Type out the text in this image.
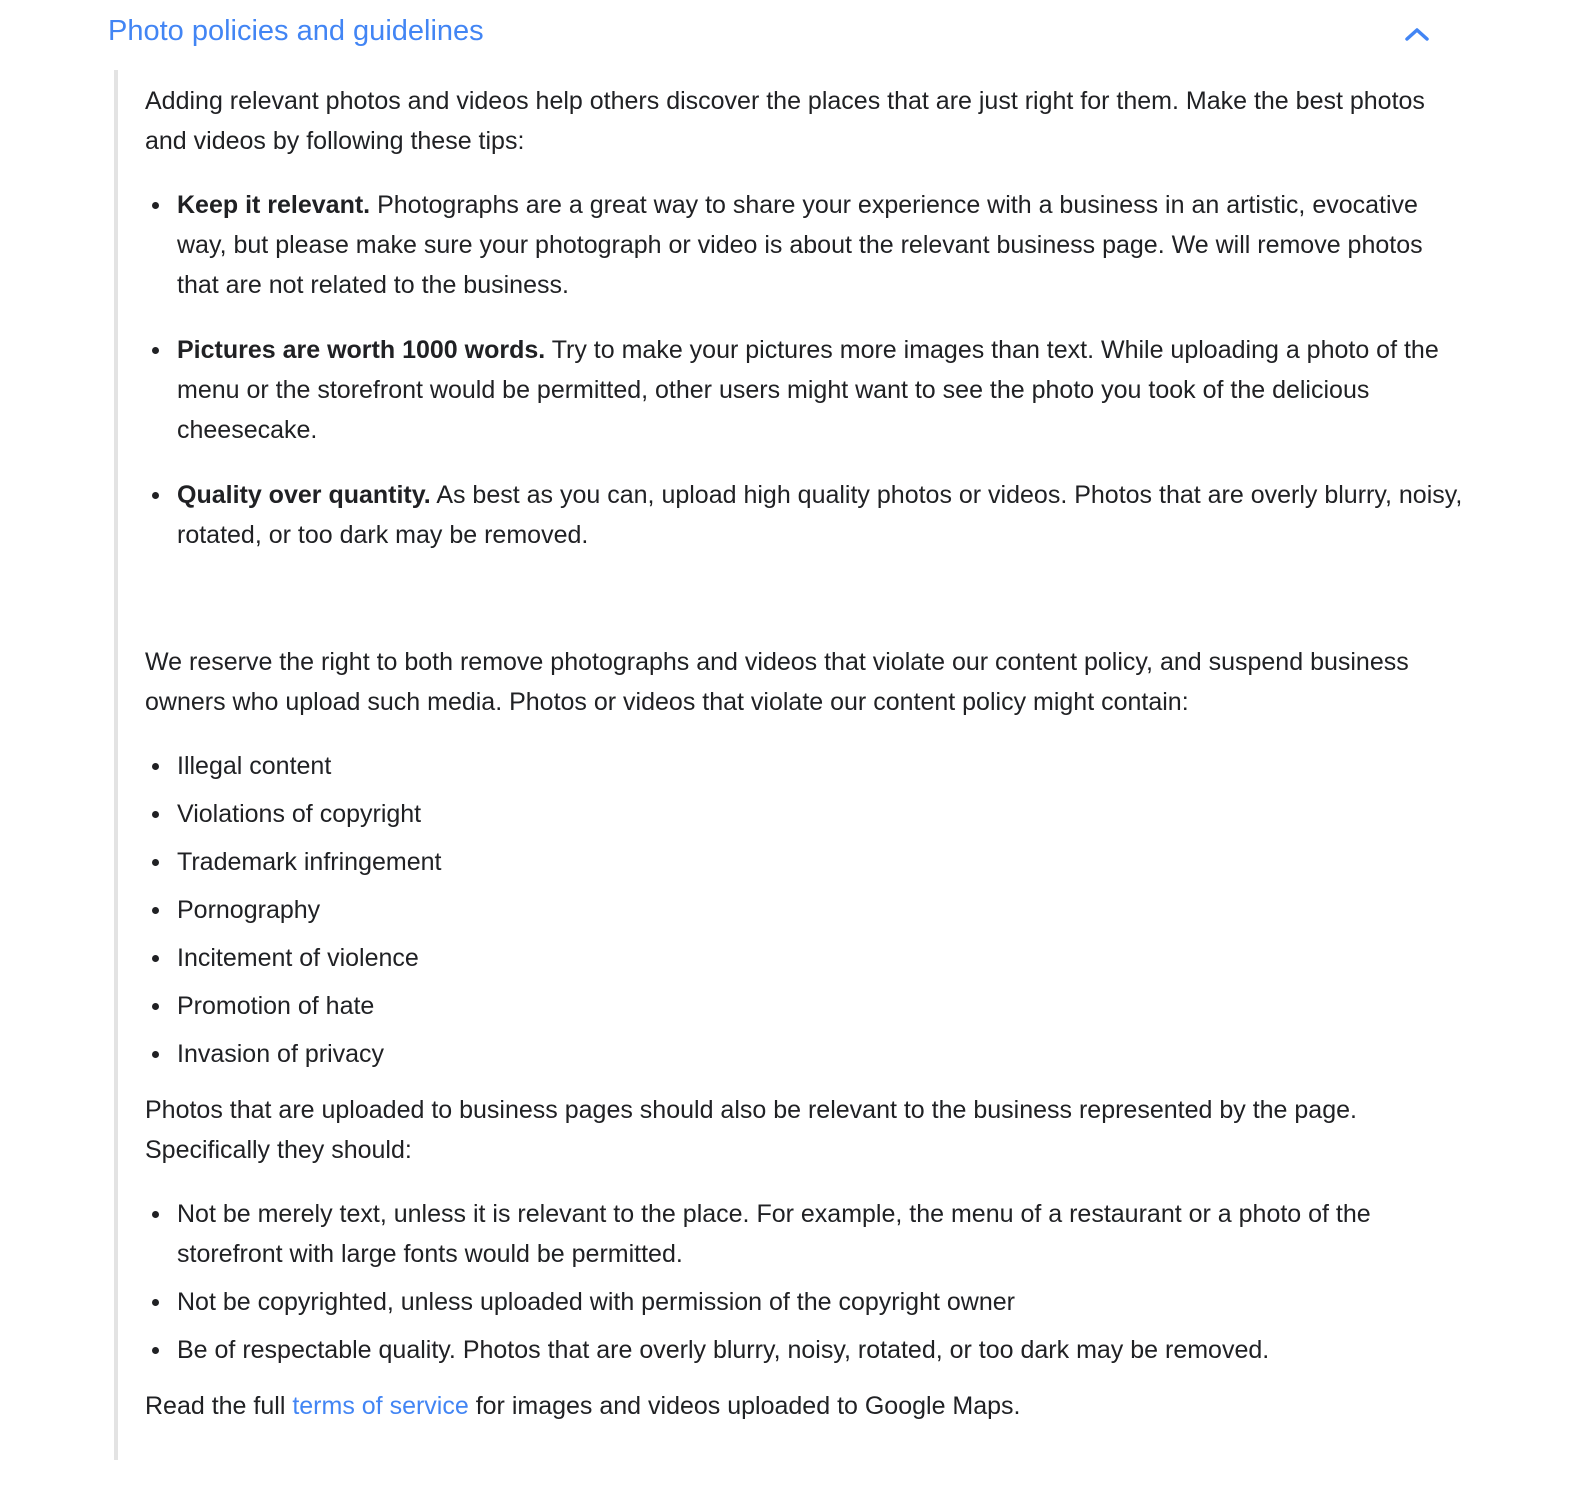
Photo policies and guidelines

Adding relevant photos and videos help others discover the places that are just right for them. Make the best photos and videos by following these tips:

Keep it relevant. Photographs are a great way to share your experience with a business in an artistic, evocative way, but please make sure your photograph or video is about the relevant business page. We will remove photos that are not related to the business.
Pictures are worth 1000 words. Try to make your pictures more images than text. While uploading a photo of the menu or the storefront would be permitted, other users might want to see the photo you took of the delicious cheesecake.
Quality over quantity. As best as you can, upload high quality photos or videos. Photos that are overly blurry, noisy, rotated, or too dark may be removed.

We reserve the right to both remove photographs and videos that violate our content policy, and suspend business owners who upload such media. Photos or videos that violate our content policy might contain:

Illegal content
Violations of copyright
Trademark infringement
Pornography
Incitement of violence
Promotion of hate
Invasion of privacy

Photos that are uploaded to business pages should also be relevant to the business represented by the page. Specifically they should:

Not be merely text, unless it is relevant to the place. For example, the menu of a restaurant or a photo of the storefront with large fonts would be permitted.
Not be copyrighted, unless uploaded with permission of the copyright owner
Be of respectable quality. Photos that are overly blurry, noisy, rotated, or too dark may be removed.

Read the full terms of service for images and videos uploaded to Google Maps.
